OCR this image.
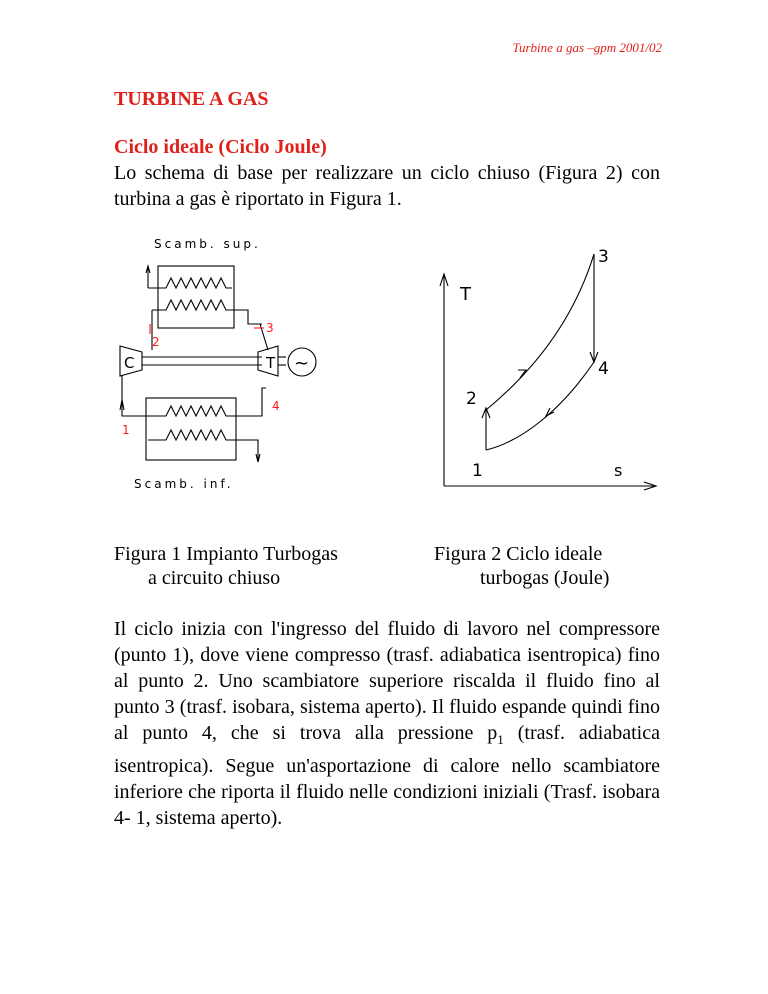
Turbine a gas –gpm 2001/02
TURBINE A GAS
Ciclo ideale (Ciclo Joule)
Lo schema di base per realizzare un ciclo chiuso (Figura 2) con turbina a gas è riportato in Figura 1.
Scamb. sup.
C	T
2
3
1
4
Scamb. inf.
~
T
s
1
2
3
4
Figura 1 Impianto Turbogas
a circuito chiuso
Figura 2 Ciclo ideale
turbogas (Joule)
Il ciclo inizia con l'ingresso del fluido di lavoro nel compressore (punto 1), dove viene compresso (trasf. adiabatica isentropica) fino al punto 2. Uno scambiatore superiore riscalda il fluido fino al punto 3 (trasf. isobara, sistema aperto). Il fluido espande quindi fino al punto 4, che si trova alla pressione $p_1$ (trasf. adiabatica isentropica). Segue un'asportazione di calore nello scambiatore inferiore che riporta il fluido nelle condizioni iniziali (Trasf. isobara 4- 1, sistema aperto).
